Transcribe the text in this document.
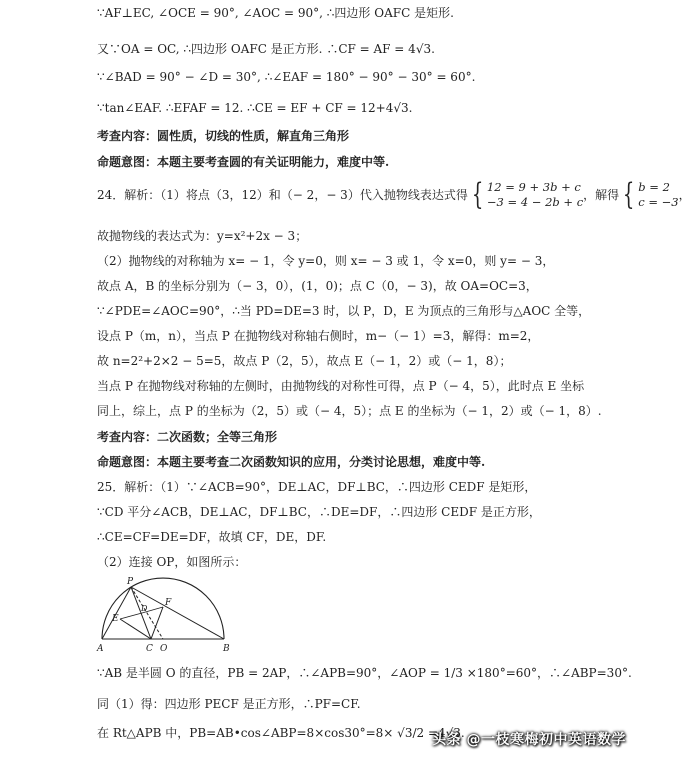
∵AF⊥EC, ∠OCE = 90°, ∠AOC = 90°, ∴四边形 OAFC 是矩形.
又∵OA = OC, ∴四边形 OAFC 是正方形. ∴CF = AF = 4√3.
∵∠BAD = 90° − ∠D = 30°, ∴∠EAF = 180° − 90° − 30° = 60°.
∵tan∠EAF. ∴EFAF = 12. ∴CE = EF + CF = 12+4√3.
考查内容：圆性质，切线的性质，解直角三角形
命题意图：本题主要考查圆的有关证明能力，难度中等.
24．解析：（1）将点（3，12）和（− 2，− 3）代入抛物线表达式得 { 12 = 9 + 3b + c
−3 = 4 − 2b + c ，解得 { b = 2
c = −3 ，
故抛物线的表达式为：y=x²+2x − 3；
（2）抛物线的对称轴为 x= − 1，令 y=0，则 x= − 3 或 1，令 x=0，则 y= − 3，
故点 A，B 的坐标分别为（− 3，0），(1，0)；点 C（0，− 3)，故 OA=OC=3，
∵∠PDE=∠AOC=90°，∴当 PD=DE=3 时，以 P，D，E 为顶点的三角形与△AOC 全等，
设点 P（m，n），当点 P 在抛物线对称轴右侧时，m−（− 1）=3，解得：m=2，
故 n=2²+2×2 − 5=5，故点 P（2，5），故点 E（− 1，2）或（− 1，8）；
当点 P 在抛物线对称轴的左侧时，由抛物线的对称性可得，点 P（− 4，5），此时点 E 坐标
同上，综上，点 P 的坐标为（2，5）或（− 4，5）；点 E 的坐标为（− 1，2）或（− 1，8）.
考查内容：二次函数；全等三角形
命题意图：本题主要考查二次函数知识的应用，分类讨论思想，难度中等.
25．解析：（1）∵∠ACB=90°，DE⊥AC，DF⊥BC，∴四边形 CEDF 是矩形，
∵CD 平分∠ACB，DE⊥AC，DF⊥BC，∴DE=DF，∴四边形 CEDF 是正方形，
∴CE=CF=DE=DF，故填 CF，DE，DF.
（2）连接 OP，如图所示：
P
F
E
D
A	C O	B
∵AB 是半圆 O 的直径，PB = 2AP，∴∠APB=90°，∠AOP = 1/3 ×180°=60°，∴∠ABP=30°.
同（1）得：四边形 PECF 是正方形，∴PF=CF.
在 Rt△APB 中，PB=AB•cos∠ABP=8×cos30°=8× √3/2 =4√3.
头条 @一枝寒梅初中英语数学
